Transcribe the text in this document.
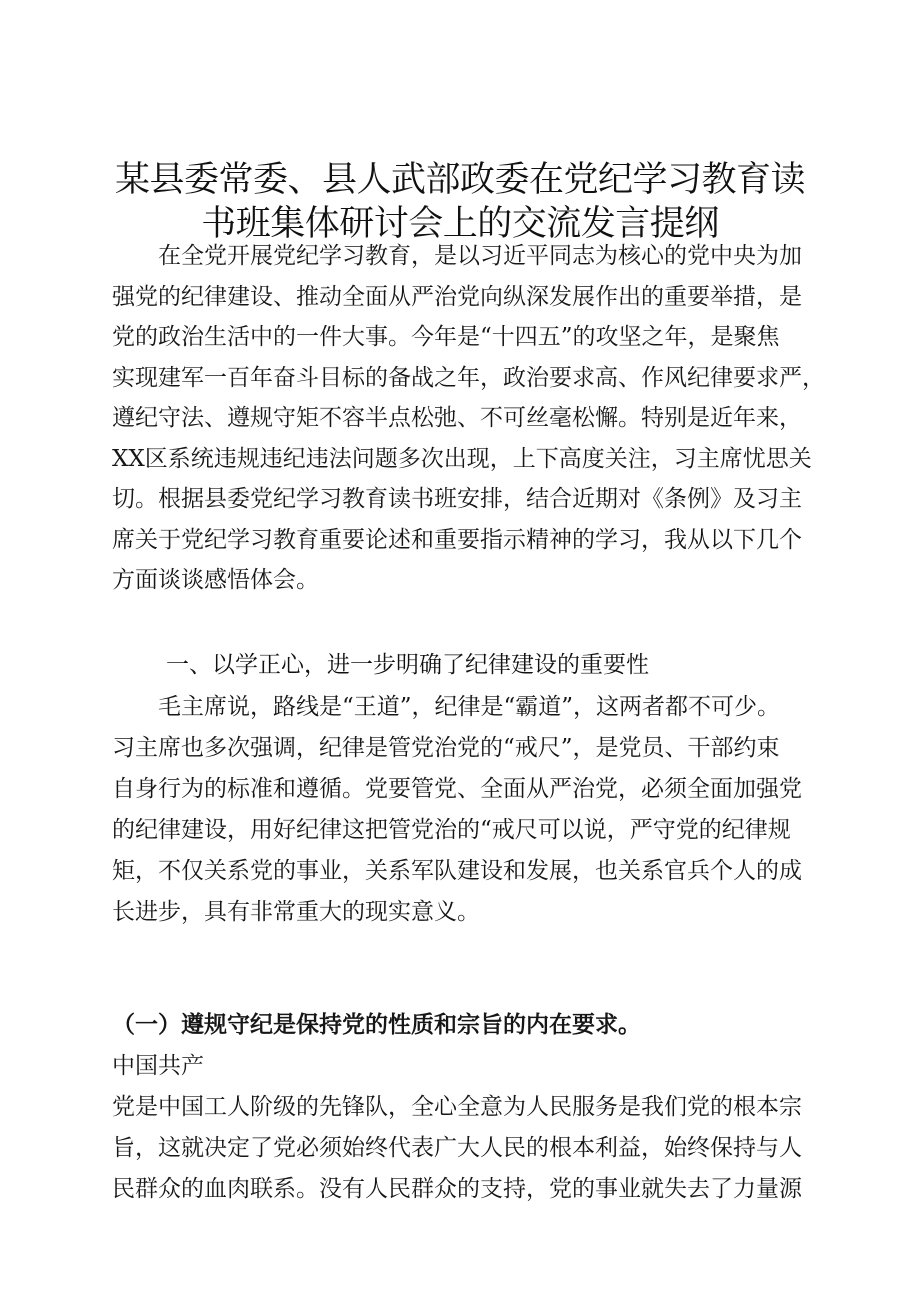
某县委常委、县人武部政委在党纪学习教育读
书班集体研讨会上的交流发言提纲
　　在全党开展党纪学习教育，是以习近平同志为核心的党中央为加
强党的纪律建设、推动全面从严治党向纵深发展作出的重要举措，是
党的政治生活中的一件大事。今年是“十四五”的攻坚之年，是聚焦
实现建军一百年奋斗目标的备战之年，政治要求高、作风纪律要求严，
遵纪守法、遵规守矩不容半点松弛、不可丝毫松懈。特别是近年来，
XX区系统违规违纪违法问题多次出现，上下高度关注，习主席忧思关
切。根据县委党纪学习教育读书班安排，结合近期对《条例》及习主
席关于党纪学习教育重要论述和重要指示精神的学习，我从以下几个
方面谈谈感悟体会。
一、以学正心，进一步明确了纪律建设的重要性
　　毛主席说，路线是“王道”，纪律是“霸道”，这两者都不可少。
习主席也多次强调，纪律是管党治党的“戒尺”，是党员、干部约束
自身行为的标准和遵循。党要管党、全面从严治党，必须全面加强党
的纪律建设，用好纪律这把管党治的“戒尺可以说，严守党的纪律规
矩，不仅关系党的事业，关系军队建设和发展，也关系官兵个人的成
长进步，具有非常重大的现实意义。

（一）遵规守纪是保持党的性质和宗旨的内在要求。
中国共产
党是中国工人阶级的先锋队，全心全意为人民服务是我们党的根本宗
旨，这就决定了党必须始终代表广大人民的根本利益，始终保持与人
民群众的血肉联系。没有人民群众的支持，党的事业就失去了力量源
